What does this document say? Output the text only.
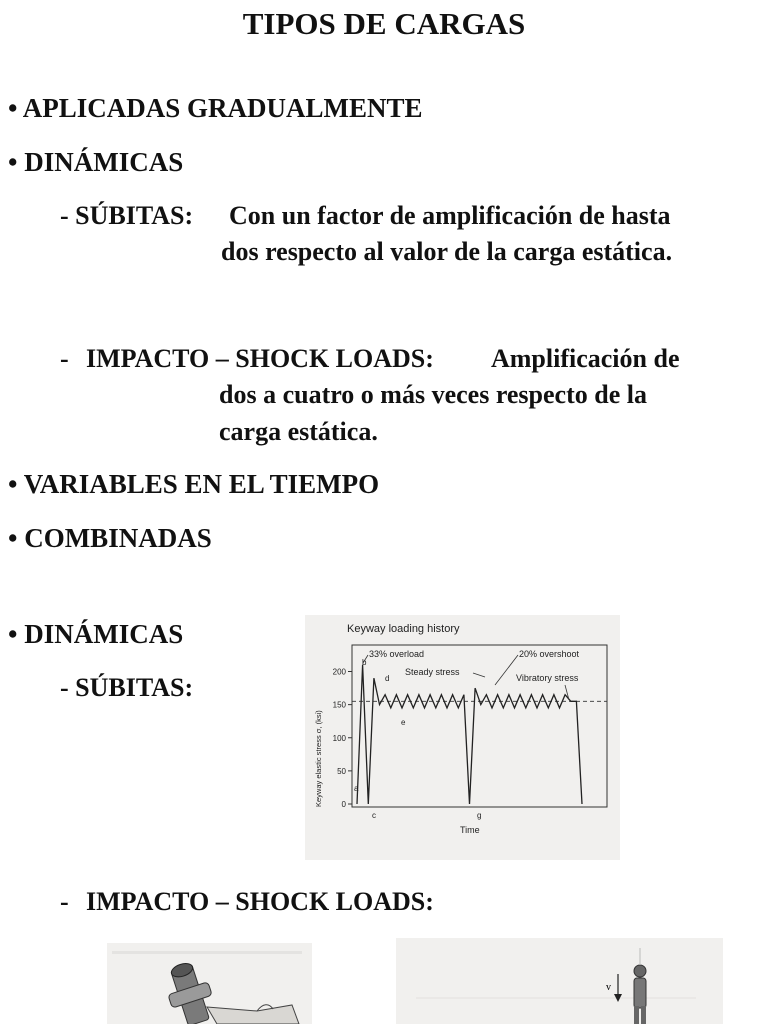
TIPOS DE CARGAS

• APLICADAS GRADUALMENTE

• DINÁMICAS

- SÚBITAS: Con un factor de amplificación de hasta

dos respecto al valor de la carga estática.

- IMPACTO – SHOCK LOADS: Amplificación de

dos a cuatro o más veces respecto de la

carga estática.

• VARIABLES EN EL TIEMPO

• COMBINADAS

• DINÁMICAS

- SÚBITAS:

Keyway loading history
Keyway elastic stress σ, (ksi)
Time
0
50
100
150
200
33% overload	20% overshoot
Steady stress
Vibratory stress
a
b
c
d
e
g

- IMPACTO – SHOCK LOADS:

v
